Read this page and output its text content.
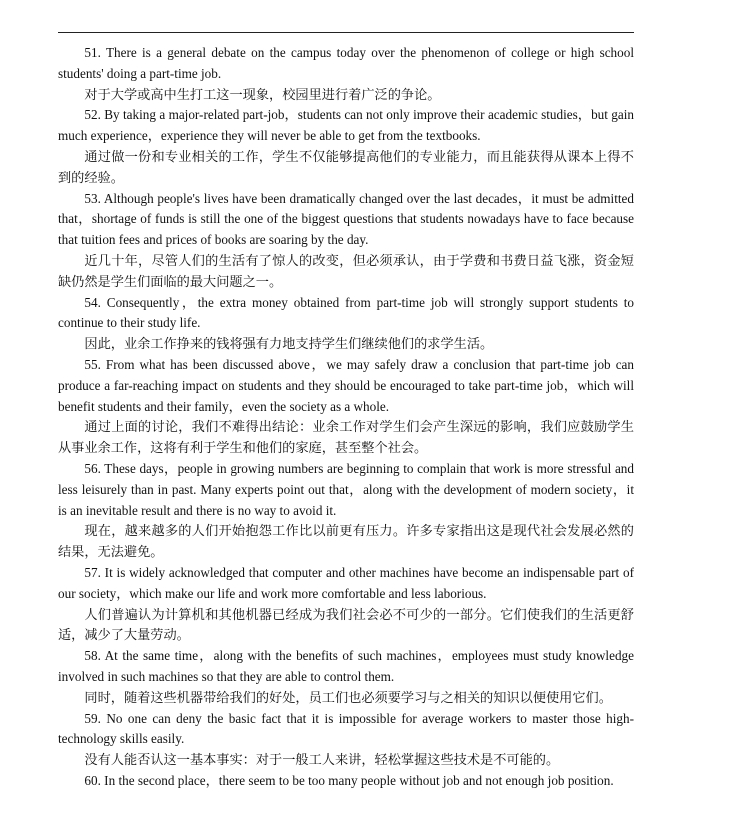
51. There is a general debate on the campus today over the phenomenon of college or high school students' doing a part-time job.

对于大学或高中生打工这一现象，校园里进行着广泛的争论。

52. By taking a major-related part-job，students can not only improve their academic studies，but gain much experience，experience they will never be able to get from the textbooks.

通过做一份和专业相关的工作，学生不仅能够提高他们的专业能力，而且能获得从课本上得不到的经验。

53. Although people's lives have been dramatically changed over the last decades，it must be admitted that，shortage of funds is still the one of the biggest questions that students nowadays have to face because that tuition fees and prices of books are soaring by the day.

近几十年，尽管人们的生活有了惊人的改变，但必须承认，由于学费和书费日益飞涨，资金短缺仍然是学生们面临的最大问题之一。

54. Consequently，the extra money obtained from part-time job will strongly support students to continue to their study life.

因此，业余工作挣来的钱将强有力地支持学生们继续他们的求学生活。

55. From what has been discussed above，we may safely draw a conclusion that part-time job can produce a far-reaching impact on students and they should be encouraged to take part-time job，which will benefit students and their family，even the society as a whole.

通过上面的讨论，我们不难得出结论：业余工作对学生们会产生深远的影响，我们应鼓励学生从事业余工作，这将有利于学生和他们的家庭，甚至整个社会。

56. These days，people in growing numbers are beginning to complain that work is more stressful and less leisurely than in past. Many experts point out that，along with the development of modern society，it is an inevitable result and there is no way to avoid it.

现在，越来越多的人们开始抱怨工作比以前更有压力。许多专家指出这是现代社会发展必然的结果，无法避免。

57. It is widely acknowledged that computer and other machines have become an indispensable part of our society，which make our life and work more comfortable and less laborious.

人们普遍认为计算机和其他机器已经成为我们社会必不可少的一部分。它们使我们的生活更舒适，减少了大量劳动。

58. At the same time，along with the benefits of such machines，employees must study knowledge involved in such machines so that they are able to control them.

同时，随着这些机器带给我们的好处，员工们也必须要学习与之相关的知识以便使用它们。

59. No one can deny the basic fact that it is impossible for average workers to master those high-technology skills easily.

没有人能否认这一基本事实：对于一般工人来讲，轻松掌握这些技术是不可能的。

60. In the second place，there seem to be too many people without job and not enough job position.
